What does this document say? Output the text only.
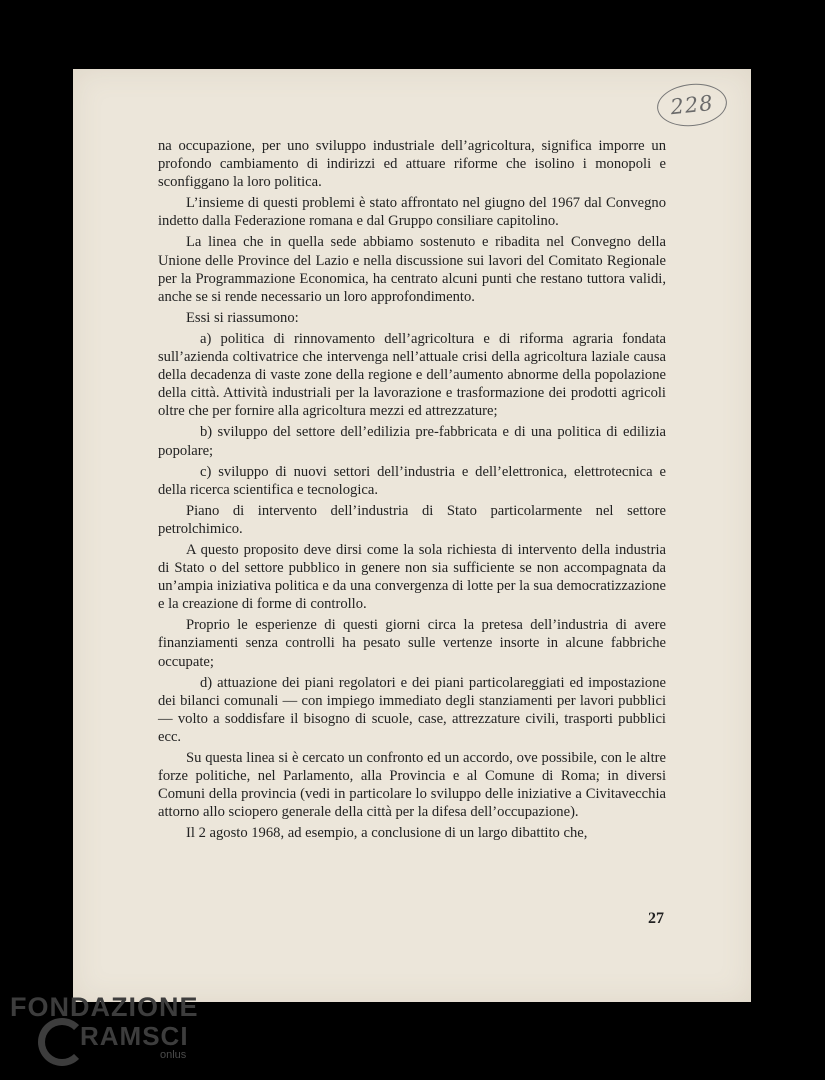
228

na occupazione, per uno sviluppo industriale dell’agricoltura, significa imporre un profondo cambiamento di indirizzi ed attuare riforme che isolino i monopoli e sconfiggano la loro politica.

L’insieme di questi problemi è stato affrontato nel giugno del 1967 dal Convegno indetto dalla Federazione romana e dal Gruppo consiliare capitolino.

La linea che in quella sede abbiamo sostenuto e ribadita nel Convegno della Unione delle Province del Lazio e nella discussione sui lavori del Comitato Regionale per la Programmazione Economica, ha centrato alcuni punti che restano tuttora validi, anche se si rende necessario un loro approfondimento.

Essi si riassumono:

a) politica di rinnovamento dell’agricoltura e di riforma agraria fondata sull’azienda coltivatrice che intervenga nell’attuale crisi della agricoltura laziale causa della decadenza di vaste zone della regione e dell’aumento abnorme della popolazione della città. Attività industriali per la lavorazione e trasformazione dei prodotti agricoli oltre che per fornire alla agricoltura mezzi ed attrezzature;

b) sviluppo del settore dell’edilizia pre-fabbricata e di una politica di edilizia popolare;

c) sviluppo di nuovi settori dell’industria e dell’elettronica, elettrotecnica e della ricerca scientifica e tecnologica.

Piano di intervento dell’industria di Stato particolarmente nel settore petrolchimico.

A questo proposito deve dirsi come la sola richiesta di intervento della industria di Stato o del settore pubblico in genere non sia sufficiente se non accompagnata da un’ampia iniziativa politica e da una convergenza di lotte per la sua democratizzazione e la creazione di forme di controllo.

Proprio le esperienze di questi giorni circa la pretesa dell’industria di avere finanziamenti senza controlli ha pesato sulle vertenze insorte in alcune fabbriche occupate;

d) attuazione dei piani regolatori e dei piani particolareggiati ed impostazione dei bilanci comunali — con impiego immediato degli stanziamenti per lavori pubblici — volto a soddisfare il bisogno di scuole, case, attrezzature civili, trasporti pubblici ecc.

Su questa linea si è cercato un confronto ed un accordo, ove possibile, con le altre forze politiche, nel Parlamento, alla Provincia e al Comune di Roma; in diversi Comuni della provincia (vedi in particolare lo sviluppo delle iniziative a Civitavecchia attorno allo sciopero generale della città per la difesa dell’occupazione).

Il 2 agosto 1968, ad esempio, a conclusione di un largo dibattito che,

27
FONDAZIONE
RAMSCI
onlus
